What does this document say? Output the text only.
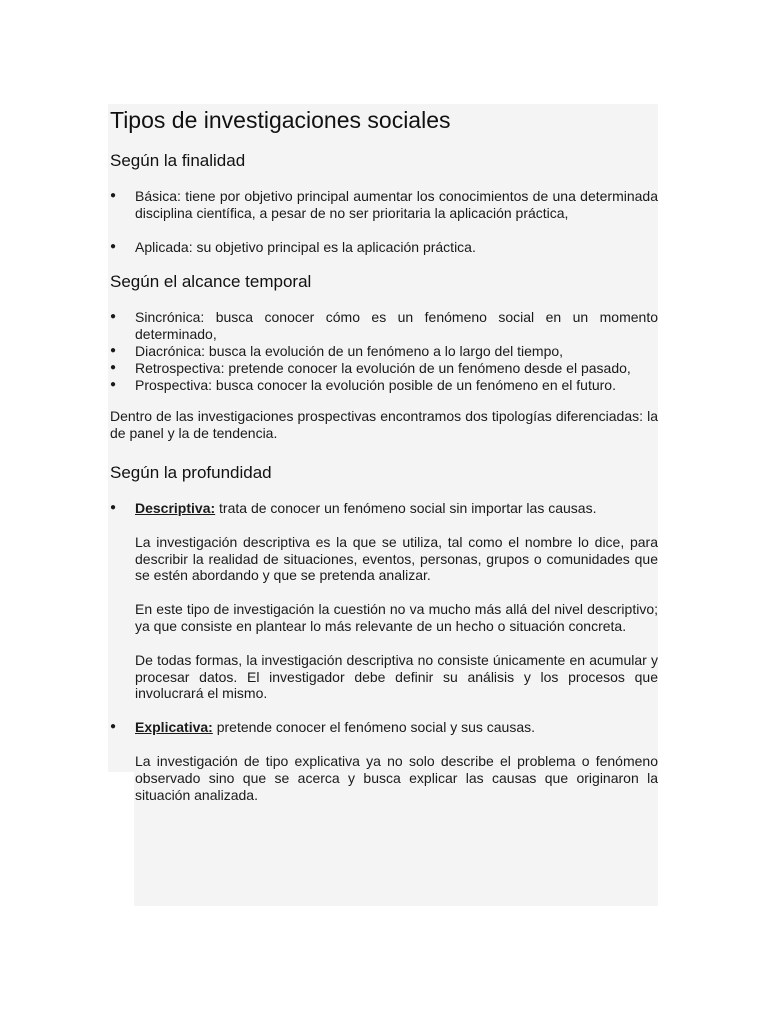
Tipos de investigaciones sociales
Según la finalidad
●	Básica: tiene por objetivo principal aumentar los conocimientos de una determinada disciplina científica, a pesar de no ser prioritaria la aplicación práctica,
●	Aplicada: su objetivo principal es la aplicación práctica.
Según el alcance temporal
●	Sincrónica: busca conocer cómo es un fenómeno social en un momento determinado,
●	Diacrónica: busca la evolución de un fenómeno a lo largo del tiempo,
●	Retrospectiva: pretende conocer la evolución de un fenómeno desde el pasado,
●	Prospectiva: busca conocer la evolución posible de un fenómeno en el futuro.

Dentro de las investigaciones prospectivas encontramos dos tipologías diferenciadas: la de panel y la de tendencia.

Según la profundidad
●	Descriptiva: trata de conocer un fenómeno social sin importar las causas.

La investigación descriptiva es la que se utiliza, tal como el nombre lo dice, para describir la realidad de situaciones, eventos, personas, grupos o comunidades que se estén abordando y que se pretenda analizar.

En este tipo de investigación la cuestión no va mucho más allá del nivel descriptivo; ya que consiste en plantear lo más relevante de un hecho o situación concreta.

De todas formas, la investigación descriptiva no consiste únicamente en acumular y procesar datos. El investigador debe definir su análisis y los procesos que involucrará el mismo.

●	Explicativa: pretende conocer el fenómeno social y sus causas.

La investigación de tipo explicativa ya no solo describe el problema o fenómeno observado sino que se acerca y busca explicar las causas que originaron la situación analizada.
